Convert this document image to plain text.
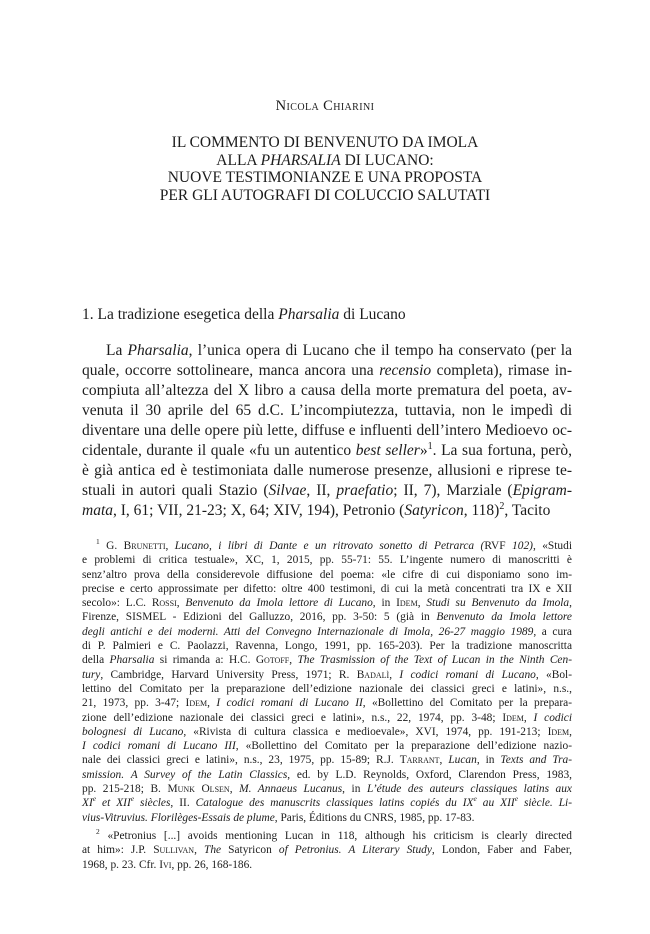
Nicola Chiarini
IL COMMENTO DI BENVENUTO DA IMOLA
ALLA PHARSALIA DI LUCANO:
NUOVE TESTIMONIANZE E UNA PROPOSTA
PER GLI AUTOGRAFI DI COLUCCIO SALUTATI
1. La tradizione esegetica della Pharsalia di Lucano
La Pharsalia, l’unica opera di Lucano che il tempo ha conservato (per la
quale, occorre sottolineare, manca ancora una recensio completa), rimase in-
compiuta all’altezza del X libro a causa della morte prematura del poeta, av-
venuta il 30 aprile del 65 d.C. L’incompiutezza, tuttavia, non le impedì di
diventare una delle opere più lette, diffuse e influenti dell’intero Medioevo oc-
cidentale, durante il quale «fu un autentico best seller»$^1$. La sua fortuna, però,
è già antica ed è testimoniata dalle numerose presenze, allusioni e riprese te-
stuali in autori quali Stazio (Silvae, II, praefatio; II, 7), Marziale (Epigram-
mata, I, 61; VII, 21-23; X, 64; XIV, 194), Petronio (Satyricon, 118)$^2$, Tacito
$^1$ G. Brunetti, Lucano, i libri di Dante e un ritrovato sonetto di Petrarca (RVF 102), «Studi
e problemi di critica testuale», XC, 1, 2015, pp. 55-71: 55. L’ingente numero di manoscritti è
senz’altro prova della considerevole diffusione del poema: «le cifre di cui disponiamo sono im-
precise e certo approssimate per difetto: oltre 400 testimoni, di cui la metà concentrati tra IX e XII
secolo»: L.C. Rossi, Benvenuto da Imola lettore di Lucano, in Idem, Studi su Benvenuto da Imola,
Firenze, SISMEL - Edizioni del Galluzzo, 2016, pp. 3-50: 5 (già in Benvenuto da Imola lettore
degli antichi e dei moderni. Atti del Convegno Internazionale di Imola, 26-27 maggio 1989, a cura
di P. Palmieri e C. Paolazzi, Ravenna, Longo, 1991, pp. 165-203). Per la tradizione manoscritta
della Pharsalia si rimanda a: H.C. Gotoff, The Trasmission of the Text of Lucan in the Ninth Cen-
tury, Cambridge, Harvard University Press, 1971; R. Badalì, I codici romani di Lucano, «Bol-
lettino del Comitato per la preparazione dell’edizione nazionale dei classici greci e latini», n.s.,
21, 1973, pp. 3-47; Idem, I codici romani di Lucano II, «Bollettino del Comitato per la prepara-
zione dell’edizione nazionale dei classici greci e latini», n.s., 22, 1974, pp. 3-48; Idem, I codici
bolognesi di Lucano, «Rivista di cultura classica e medioevale», XVI, 1974, pp. 191-213; Idem,
I codici romani di Lucano III, «Bollettino del Comitato per la preparazione dell’edizione nazio-
nale dei classici greci e latini», n.s., 23, 1975, pp. 15-89; R.J. Tarrant, Lucan, in Texts and Tra-
smission. A Survey of the Latin Classics, ed. by L.D. Reynolds, Oxford, Clarendon Press, 1983,
pp. 215-218; B. Munk Olsen, M. Annaeus Lucanus, in L’étude des auteurs classiques latins aux
XIe et XIIe siècles, II. Catalogue des manuscrits classiques latins copiés du IXe au XIIe siècle. Li-
vius-Vitruvius. Florilèges-Essais de plume, Paris, Éditions du CNRS, 1985, pp. 17-83.
$^2$ «Petronius [...] avoids mentioning Lucan in 118, although his criticism is clearly directed
at him»: J.P. Sullivan, The Satyricon of Petronius. A Literary Study, London, Faber and Faber,
1968, p. 23. Cfr. Ivi, pp. 26, 168-186.
